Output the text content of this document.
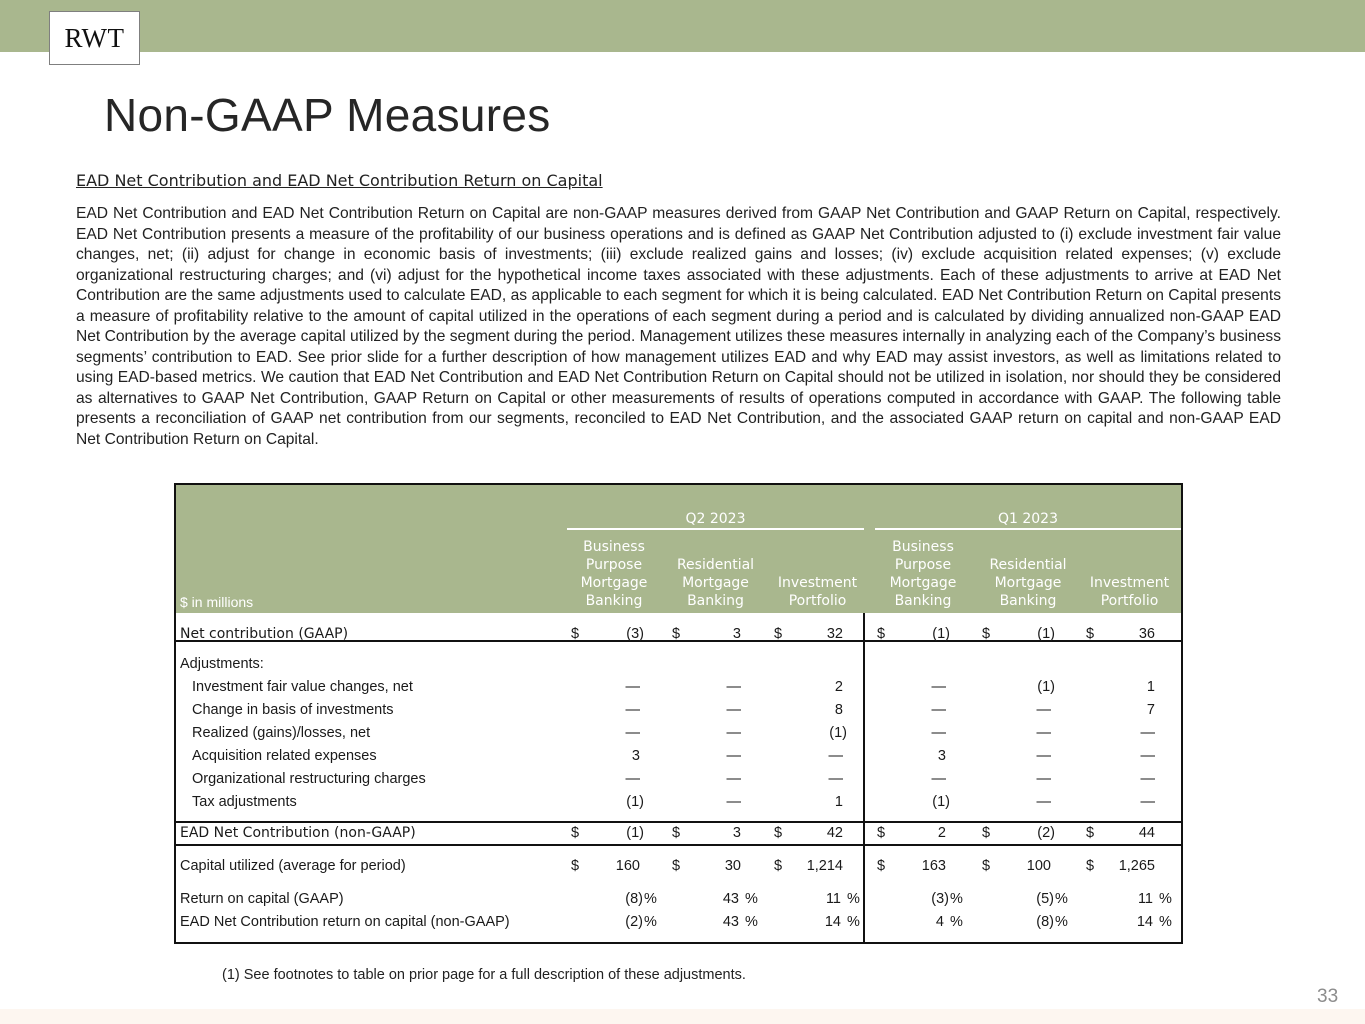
RWT
Non-GAAP Measures
EAD Net Contribution and EAD Net Contribution Return on Capital

EAD Net Contribution and EAD Net Contribution Return on Capital are non-GAAP measures derived from GAAP Net Contribution and GAAP Return on Capital, respectively. EAD Net Contribution presents a measure of the profitability of our business operations and is defined as GAAP Net Contribution adjusted to (i) exclude investment fair value changes, net; (ii) adjust for change in economic basis of investments; (iii) exclude realized gains and losses; (iv) exclude acquisition related expenses; (v) exclude organizational restructuring charges; and (vi) adjust for the hypothetical income taxes associated with these adjustments. Each of these adjustments to arrive at EAD Net Contribution are the same adjustments used to calculate EAD, as applicable to each segment for which it is being calculated. EAD Net Contribution Return on Capital presents a measure of profitability relative to the amount of capital utilized in the operations of each segment during a period and is calculated by dividing annualized non-GAAP EAD Net Contribution by the average capital utilized by the segment during the period. Management utilizes these measures internally in analyzing each of the Company’s business segments’ contribution to EAD. See prior slide for a further description of how management utilizes EAD and why EAD may assist investors, as well as limitations related to using EAD-based metrics. We caution that EAD Net Contribution and EAD Net Contribution Return on Capital should not be utilized in isolation, nor should they be considered as alternatives to GAAP Net Contribution, GAAP Return on Capital or other measurements of results of operations computed in accordance with GAAP. The following table presents a reconciliation of GAAP net contribution from our segments, reconciled to EAD Net Contribution, and the associated GAAP return on capital and non-GAAP EAD Net Contribution Return on Capital.

Q2 2023	Q1 2023
$ in millions
Business
Purpose
Mortgage
Banking
Residential
Mortgage
Banking
Investment
Portfolio
Business
Purpose
Mortgage
Banking
Residential
Mortgage
Banking
Investment
Portfolio
Net contribution (GAAP)	$	(3) $	3 $	32 $	(1) $	(1) $	36
Adjustments:
Investment fair value changes, net	—	—	2	—	(1)	1
Change in basis of investments	—	—	8	—	—	7
Realized (gains)/losses, net	—	—	(1)	—	—	—
Acquisition related expenses	3	—	—	3	—	—
Organizational restructuring charges	—	—	—	—	—	—
Tax adjustments	(1)	—	1	(1)	—	—
EAD Net Contribution (non-GAAP)	$	(1) $	3 $	42 $	2 $	(2) $	44
Capital utilized (average for period)	$	160 $	30 $ 1,214 $	163 $	100 $ 1,265
Return on capital (GAAP)	(8) %	43 %	11 %	(3) %	(5) %	11 %
EAD Net Contribution return on capital (non-GAAP)	(2) %	43 %	14 %	4 %	(8) %	14 %
(1) See footnotes to table on prior page for a full description of these adjustments.
33
